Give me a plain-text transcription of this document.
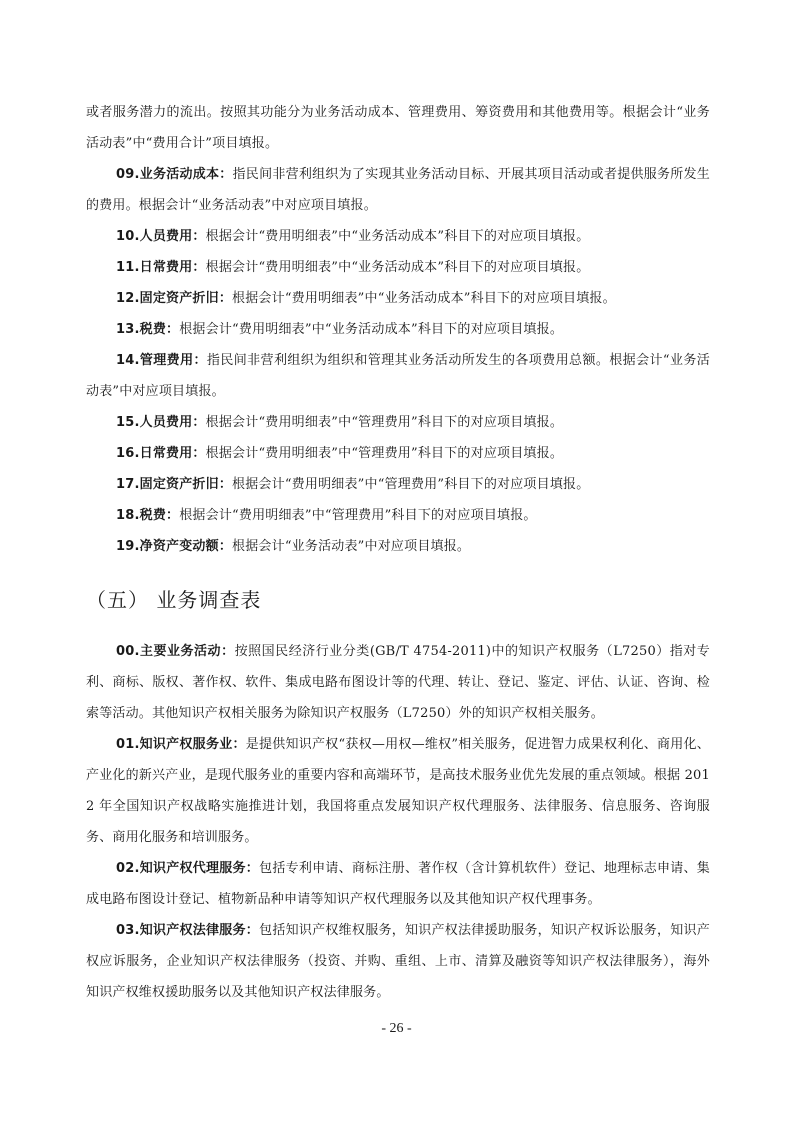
或者服务潜力的流出。按照其功能分为业务活动成本、管理费用、筹资费用和其他费用等。根据会计“业务活动表”中“费用合计”项目填报。

09.业务活动成本：指民间非营利组织为了实现其业务活动目标、开展其项目活动或者提供服务所发生的费用。根据会计“业务活动表”中对应项目填报。

10.人员费用：根据会计“费用明细表”中“业务活动成本”科目下的对应项目填报。

11.日常费用：根据会计“费用明细表”中“业务活动成本”科目下的对应项目填报。

12.固定资产折旧：根据会计“费用明细表”中“业务活动成本”科目下的对应项目填报。

13.税费：根据会计“费用明细表”中“业务活动成本”科目下的对应项目填报。

14.管理费用：指民间非营利组织为组织和管理其业务活动所发生的各项费用总额。根据会计“业务活动表”中对应项目填报。

15.人员费用：根据会计“费用明细表”中“管理费用”科目下的对应项目填报。

16.日常费用：根据会计“费用明细表”中“管理费用”科目下的对应项目填报。

17.固定资产折旧：根据会计“费用明细表”中“管理费用”科目下的对应项目填报。

18.税费：根据会计“费用明细表”中“管理费用”科目下的对应项目填报。

19.净资产变动额：根据会计“业务活动表”中对应项目填报。

（五） 业务调查表

00.主要业务活动：按照国民经济行业分类(GB/T 4754-2011)中的知识产权服务（L7250）指对专利、商标、版权、著作权、软件、集成电路布图设计等的代理、转让、登记、鉴定、评估、认证、咨询、检索等活动。其他知识产权相关服务为除知识产权服务（L7250）外的知识产权相关服务。

01.知识产权服务业：是提供知识产权“获权—用权—维权”相关服务，促进智力成果权利化、商用化、产业化的新兴产业，是现代服务业的重要内容和高端环节，是高技术服务业优先发展的重点领域。根据 2012 年全国知识产权战略实施推进计划，我国将重点发展知识产权代理服务、法律服务、信息服务、咨询服务、商用化服务和培训服务。

02.知识产权代理服务：包括专利申请、商标注册、著作权（含计算机软件）登记、地理标志申请、集成电路布图设计登记、植物新品种申请等知识产权代理服务以及其他知识产权代理事务。

03.知识产权法律服务：包括知识产权维权服务，知识产权法律援助服务，知识产权诉讼服务，知识产权应诉服务，企业知识产权法律服务（投资、并购、重组、上市、清算及融资等知识产权法律服务），海外知识产权维权援助服务以及其他知识产权法律服务。

- 26 -
